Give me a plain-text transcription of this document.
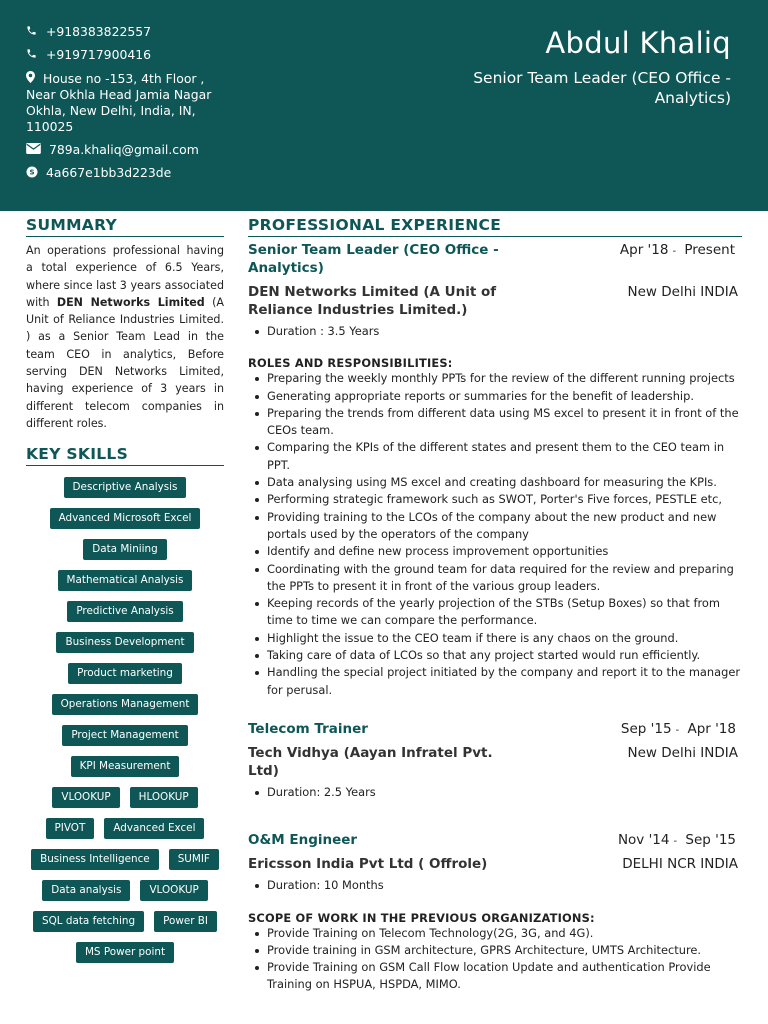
+918383822557
+919717900416
House no -153, 4th Floor , Near Okhla Head Jamia Nagar Okhla, New Delhi, India, IN, 110025
789a.khaliq@gmail.com
S 4a667e1bb3d223de
Abdul Khaliq
Senior Team Leader (CEO Office - Analytics)
SUMMARY

An operations professional having a total experience of 6.5 Years, where since last 3 years associated with DEN Networks Limited (A Unit of Reliance Industries Limited. ) as a Senior Team Lead in the team CEO in analytics, Before serving DEN Networks Limited, having experience of 3 years in different telecom companies in different roles.

KEY SKILLS
Descriptive Analysis
Advanced Microsoft Excel
Data Miniing
Mathematical Analysis
Predictive Analysis
Business Development
Product marketing
Operations Management
Project Management
KPI Measurement
VLOOKUP	HLOOKUP
PIVOT	Advanced Excel
Business Intelligence	SUMIF
Data analysis	VLOOKUP
SQL data fetching	Power BI
MS Power point
PROFESSIONAL EXPERIENCE
Senior Team Leader (CEO Office - Analytics)
Apr '18 - Present
New Delhi INDIA
DEN Networks Limited (A Unit of Reliance Industries Limited.)
Duration : 3.5 Years
ROLES AND RESPONSIBILITIES:
Preparing the weekly monthly PPTs for the review of the different running projects
Generating appropriate reports or summaries for the benefit of leadership.
Preparing the trends from different data using MS excel to present it in front of the CEOs team.
Comparing the KPIs of the different states and present them to the CEO team in PPT.
Data analysing using MS excel and creating dashboard for measuring the KPIs.
Performing strategic framework such as SWOT, Porter's Five forces, PESTLE etc,
Providing training to the LCOs of the company about the new product and new portals used by the operators of the company
Identify and define new process improvement opportunities
Coordinating with the ground team for data required for the review and preparing the PPTs to present it in front of the various group leaders.
Keeping records of the yearly projection of the STBs (Setup Boxes) so that from time to time we can compare the performance.
Highlight the issue to the CEO team if there is any chaos on the ground.
Taking care of data of LCOs so that any project started would run efficiently.
Handling the special project initiated by the company and report it to the manager for perusal.
Telecom Trainer	Sep '15 - Apr '18
New Delhi INDIA
Tech Vidhya (Aayan Infratel Pvt. Ltd)
Duration: 2.5 Years
O&M Engineer	Nov '14 - Sep '15
DELHI NCR INDIA
Ericsson India Pvt Ltd ( Offrole)
Duration: 10 Months
SCOPE OF WORK IN THE PREVIOUS ORGANIZATIONS:
Provide Training on Telecom Technology(2G, 3G, and 4G).
Provide training in GSM architecture, GPRS Architecture, UMTS Architecture.
Provide Training on GSM Call Flow location Update and authentication Provide Training on HSPUA, HSPDA, MIMO.
